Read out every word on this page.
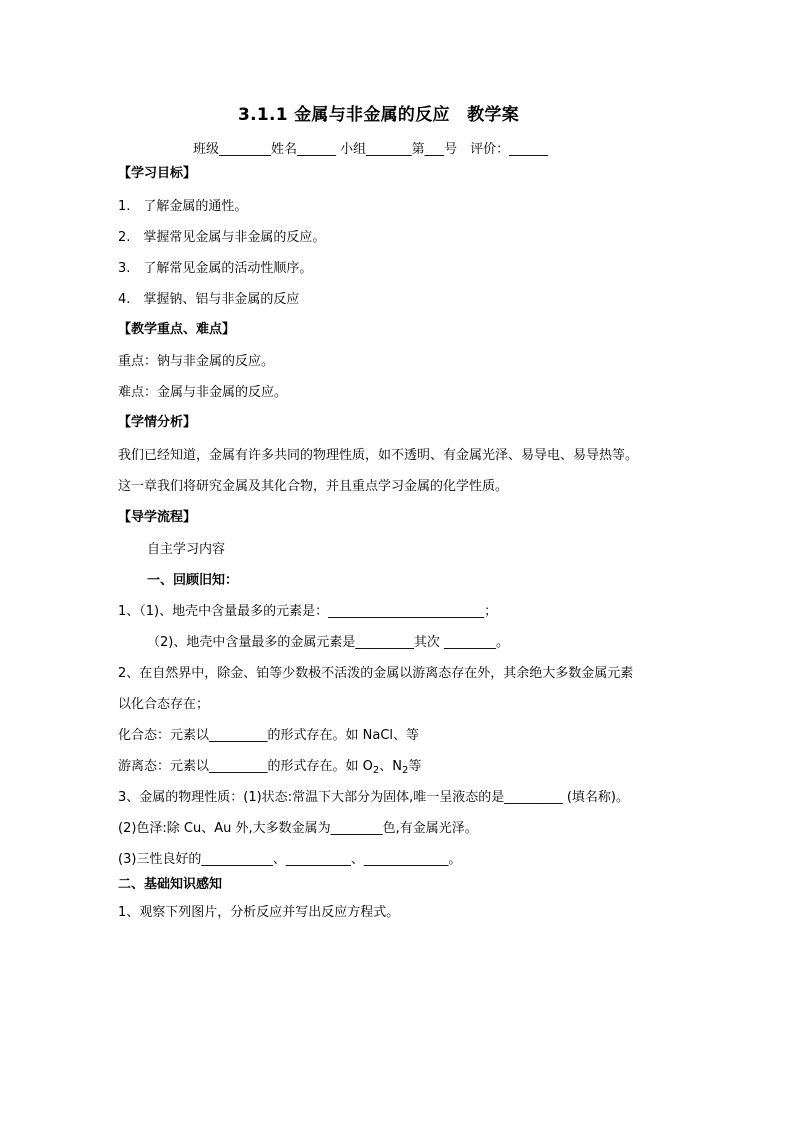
3.1.1 金属与非金属的反应　教学案
班级________姓名______ 小组_______第___号　评价：______
【学习目标】
1.　了解金属的通性。
2.　掌握常见金属与非金属的反应。
3.　了解常见金属的活动性顺序。
4.　掌握钠、铝与非金属的反应
【教学重点、难点】
重点：钠与非金属的反应。
难点：金属与非金属的反应。
【学情分析】
我们已经知道，金属有许多共同的物理性质，如不透明、有金属光泽、易导电、易导热等。
这一章我们将研究金属及其化合物，并且重点学习金属的化学性质。
【导学流程】
自主学习内容
一、回顾旧知：
1、（1)、地壳中含量最多的元素是：________________________；
（2)、地壳中含量最多的金属元素是_________其次 ________。
2、在自然界中，除金、铂等少数极不活泼的金属以游离态存在外，其余绝大多数金属元素
以化合态存在；
化合态：元素以_________的形式存在。如 NaCl、等
游离态：元素以_________的形式存在。如 $O_2$、$N_2$等
3、金属的物理性质：(1)状态:常温下大部分为固体,唯一呈液态的是_________ (填名称)。
(2)色泽:除 Cu、Au 外,大多数金属为________色,有金属光泽。
(3)三性良好的___________、__________、_____________。
二、基础知识感知
1、观察下列图片，分析反应并写出反应方程式。
